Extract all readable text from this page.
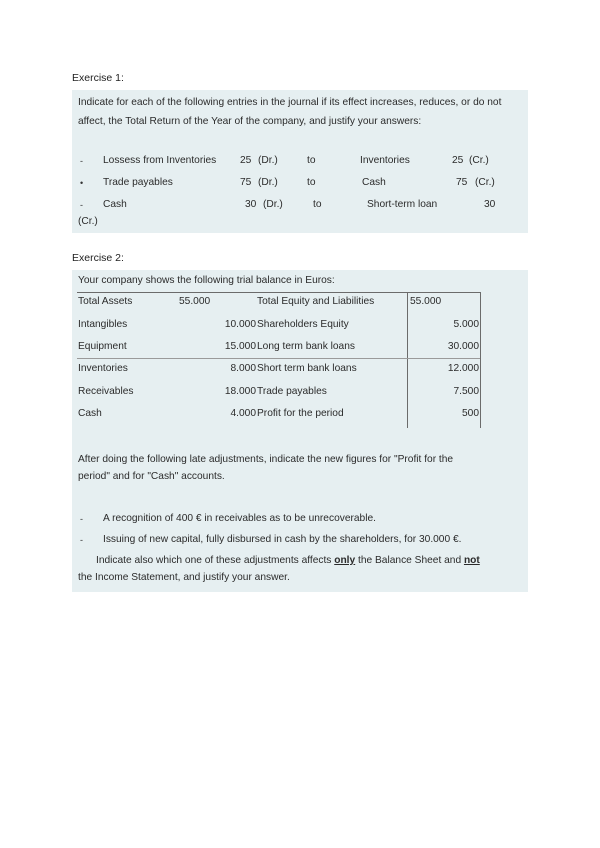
Exercise 1:
Indicate for each of the following entries in the journal if its effect increases, reduces, or do not affect, the Total Return of the Year of the company, and justify your answers:
- Lossess from Inventories 25 (Dr.)	to	Inventories	25 (Cr.)
• Trade payables	75 (Dr.)	to	Cash	75 (Cr.)
- Cash	30 (Dr.)	to	Short-term loan	30
(Cr.)
Exercise 2:
Your company shows the following trial balance in Euros:
Total Assets	55.000	Total Equity and Liabilities	55.000
Intangibles	10.000 Shareholders Equity	5.000
Equipment	15.000 Long term bank loans	30.000
Inventories	8.000 Short term bank loans	12.000
Receivables	18.000 Trade payables	7.500
Cash	4.000 Profit for the period	500
After doing the following late adjustments, indicate the new figures for "Profit for the
period" and for "Cash" accounts.
- A recognition of 400 € in receivables as to be unrecoverable.
- Issuing of new capital, fully disbursed in cash by the shareholders, for 30.000 €.
Indicate also which one of these adjustments affects only the Balance Sheet and not
the Income Statement, and justify your answer.
